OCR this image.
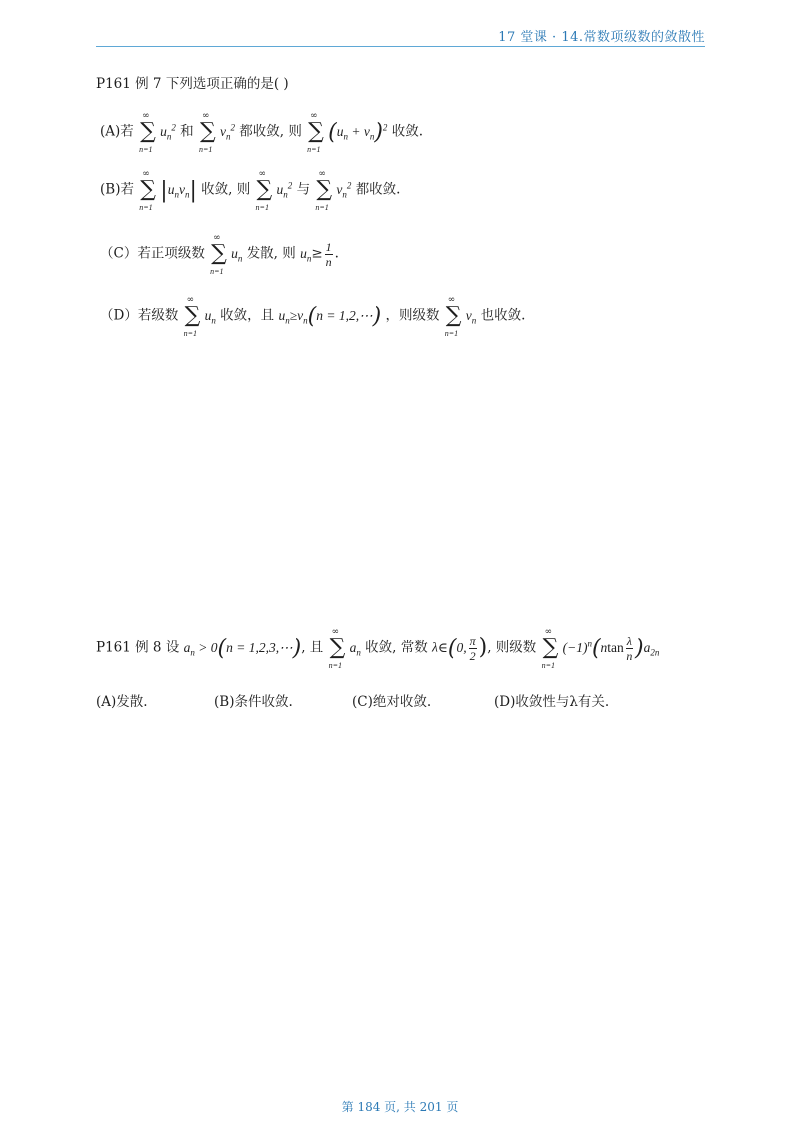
17 堂课 · 14.常数项级数的敛散性
P161 例 7 下列选项正确的是( )
(A)若
∞
∑
n=1
$u_n^2$ 和
∞
∑
n=1
$v_n^2$ 都收敛, 则
∞
∑
n=1
$(u_n + v_n)^2$ 收敛.
(B)若
∞
∑
n=1
$|u_nv_n|$ 收敛, 则
∞
∑
n=1
$u_n^2$ 与
∞
∑
n=1
$v_n^2$ 都收敛.
（C）若正项级数
∞
∑
n=1
$u_n$ 发散, 则 $u_n\ge \frac{1}{n}$ .
（D）若级数
∞
∑
n=1
$u_n$ 收敛，且 $u_n\ge v_n(n$ = 1,2,⋯) ，则级数
∞
∑
n=1
$v_n$ 也收敛.
P161 例 8 设 $a_n > 0(n$ = 1,2,3,⋯), 且
∞
∑
n=1
$a_n$ 收敛, 常数 λ∈(0, $\frac{\pi}{2}$ ), 则级数
∞
∑
n=1
$(-1)^n(ntan \frac{\lambda}{n} )a_{2n}$
(A)发散.	(B)条件收敛.	(C)绝对收敛.	(D)收敛性与λ有关.
第 184 页, 共 201 页
